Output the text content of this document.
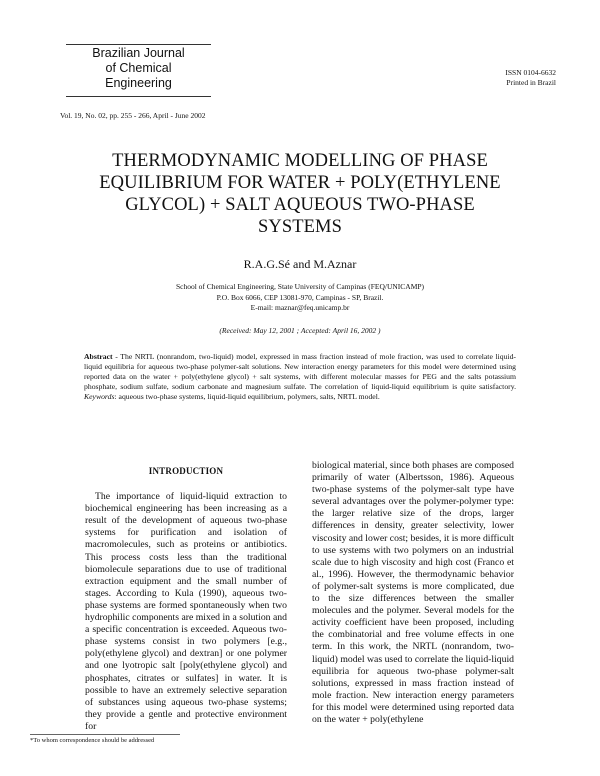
Brazilian Journal
of Chemical
Engineering
ISSN 0104-6632
Printed in Brazil
Vol. 19, No. 02, pp. 255 - 266, April - June 2002
THERMODYNAMIC MODELLING OF PHASE
EQUILIBRIUM FOR WATER + POLY(ETHYLENE
GLYCOL) + SALT AQUEOUS TWO-PHASE
SYSTEMS
R.A.G.Sé and M.Aznar
School of Chemical Engineering, State University of Campinas (FEQ/UNICAMP)
P.O. Box 6066, CEP 13081-970, Campinas - SP, Brazil.
E-mail: maznar@feq.unicamp.br
(Received: May 12, 2001 ; Accepted: April 16, 2002 )
Abstract - The NRTL (nonrandom, two-liquid) model, expressed in mass fraction instead of mole fraction, was used to correlate liquid-liquid equilibria for aqueous two-phase polymer-salt solutions. New interaction energy parameters for this model were determined using reported data on the water + poly(ethylene glycol) + salt systems, with different molecular masses for PEG and the salts potassium phosphate, sodium sulfate, sodium carbonate and magnesium sulfate. The correlation of liquid-liquid equilibrium is quite satisfactory. Keywords: aqueous two-phase systems, liquid-liquid equilibrium, polymers, salts, NRTL model.
INTRODUCTION
The importance of liquid-liquid extraction to biochemical engineering has been increasing as a result of the development of aqueous two-phase systems for purification and isolation of macromolecules, such as proteins or antibiotics. This process costs less than the traditional biomolecule separations due to use of traditional extraction equipment and the small number of stages. According to Kula (1990), aqueous two-phase systems are formed spontaneously when two hydrophilic components are mixed in a solution and a specific concentration is exceeded. Aqueous two-phase systems consist in two polymers [e.g., poly(ethylene glycol) and dextran] or one polymer and one lyotropic salt [poly(ethylene glycol) and phosphates, citrates or sulfates] in water. It is possible to have an extremely selective separation of substances using aqueous two-phase systems; they provide a gentle and protective environment for
biological material, since both phases are composed primarily of water (Albertsson, 1986). Aqueous two-phase systems of the polymer-salt type have several advantages over the polymer-polymer type: the larger relative size of the drops, larger differences in density, greater selectivity, lower viscosity and lower cost; besides, it is more difficult to use systems with two polymers on an industrial scale due to high viscosity and high cost (Franco et al., 1996). However, the thermodynamic behavior of polymer-salt systems is more complicated, due to the size differences between the smaller molecules and the polymer. Several models for the activity coefficient have been proposed, including the combinatorial and free volume effects in one term. In this work, the NRTL (nonrandom, two-liquid) model was used to correlate the liquid-liquid equilibria for aqueous two-phase polymer-salt solutions, expressed in mass fraction instead of mole fraction. New interaction energy parameters for this model were determined using reported data on the water + poly(ethylene
*To whom correspondence should be addressed
